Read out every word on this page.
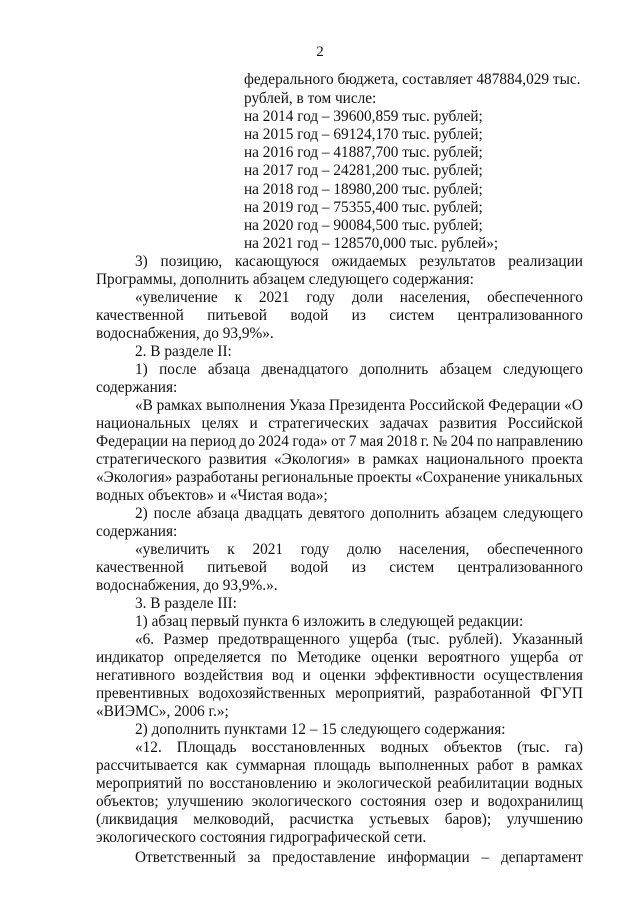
2
федерального бюджета, составляет 487884,029 тыс.
рублей, в том числе:
на 2014 год – 39600,859 тыс. рублей;
на 2015 год – 69124,170 тыс. рублей;
на 2016 год – 41887,700 тыс. рублей;
на 2017 год – 24281,200 тыс. рублей;
на 2018 год – 18980,200 тыс. рублей;
на 2019 год – 75355,400 тыс. рублей;
на 2020 год – 90084,500 тыс. рублей;
на 2021 год – 128570,000 тыс. рублей»;
3) позицию, касающуюся ожидаемых результатов реализации
Программы, дополнить абзацем следующего содержания:
«увеличение к 2021 году доли населения, обеспеченного
качественной питьевой водой из систем централизованного
водоснабжения, до 93,9%».
2. В разделе II:
1) после абзаца двенадцатого дополнить абзацем следующего
содержания:
«В рамках выполнения Указа Президента Российской Федерации «О
национальных целях и стратегических задачах развития Российской
Федерации на период до 2024 года» от 7 мая 2018 г. № 204 по направлению
стратегического развития «Экология» в рамках национального проекта
«Экология» разработаны региональные проекты «Сохранение уникальных
водных объектов» и «Чистая вода»;
2) после абзаца двадцать девятого дополнить абзацем следующего
содержания:
«увеличить к 2021 году долю населения, обеспеченного
качественной питьевой водой из систем централизованного
водоснабжения, до 93,9%.».
3. В разделе III:
1) абзац первый пункта 6 изложить в следующей редакции:
«6. Размер предотвращенного ущерба (тыс. рублей). Указанный
индикатор определяется по Методике оценки вероятного ущерба от
негативного воздействия вод и оценки эффективности осуществления
превентивных водохозяйственных мероприятий, разработанной ФГУП
«ВИЭМС», 2006 г.»;
2) дополнить пунктами 12 – 15 следующего содержания:
«12. Площадь восстановленных водных объектов (тыс. га)
рассчитывается как суммарная площадь выполненных работ в рамках
мероприятий по восстановлению и экологической реабилитации водных
объектов; улучшению экологического состояния озер и водохранилищ
(ликвидация мелководий, расчистка устьевых баров); улучшению
экологического состояния гидрографической сети.
Ответственный за предоставление информации – департамент
